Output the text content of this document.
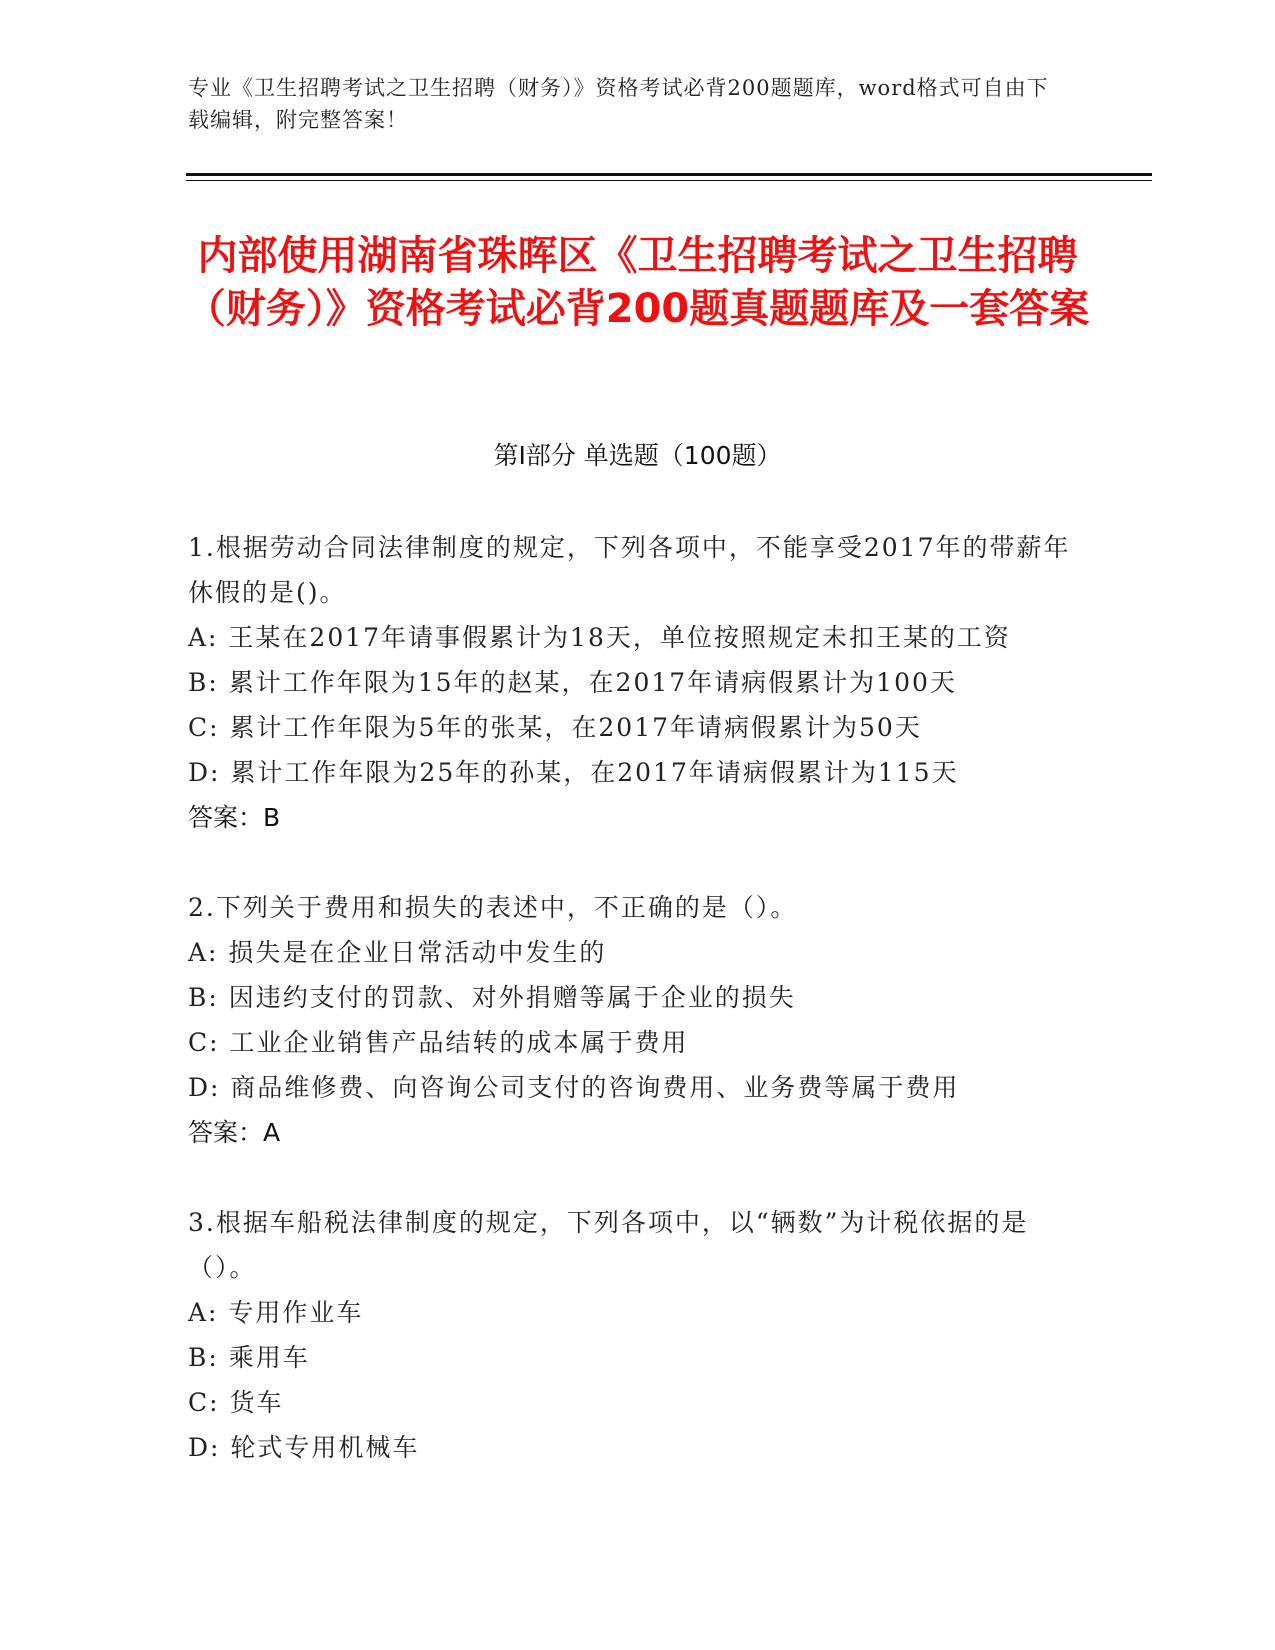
专业《卫生招聘考试之卫生招聘（财务）》资格考试必背200题题库，word格式可自由下载编辑，附完整答案！
内部使用湖南省珠晖区《卫生招聘考试之卫生招聘（财务）》资格考试必背200题真题题库及一套答案
第Ⅰ部分 单选题（100题）
1.根据劳动合同法律制度的规定，下列各项中，不能享受2017年的带薪年休假的是()。
A: 王某在2017年请事假累计为18天，单位按照规定未扣王某的工资
B: 累计工作年限为15年的赵某，在2017年请病假累计为100天
C: 累计工作年限为5年的张某，在2017年请病假累计为50天
D: 累计工作年限为25年的孙某，在2017年请病假累计为115天
答案：B
2.下列关于费用和损失的表述中，不正确的是（）。
A: 损失是在企业日常活动中发生的
B: 因违约支付的罚款、对外捐赠等属于企业的损失
C: 工业企业销售产品结转的成本属于费用
D: 商品维修费、向咨询公司支付的咨询费用、业务费等属于费用
答案：A
3.根据车船税法律制度的规定，下列各项中，以“辆数”为计税依据的是（）。
A: 专用作业车
B: 乘用车
C: 货车
D: 轮式专用机械车
